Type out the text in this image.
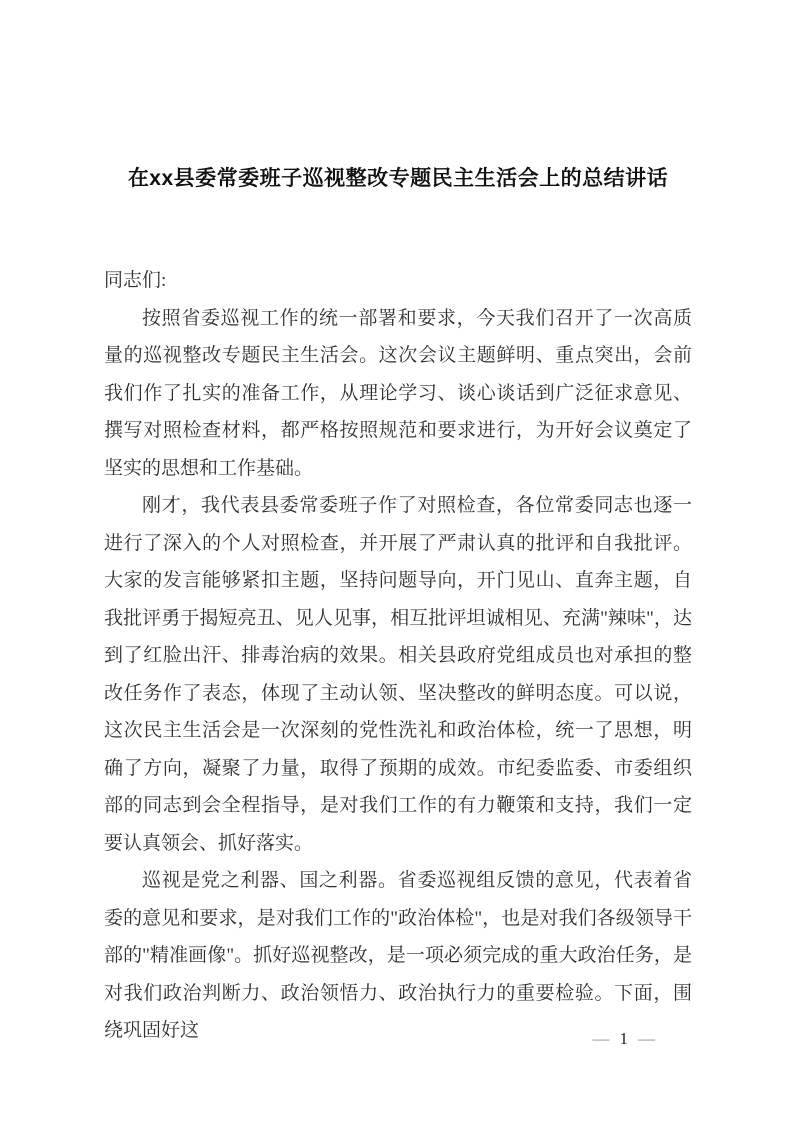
在xx县委常委班子巡视整改专题民主生活会上的总结讲话

同志们:

按照省委巡视工作的统一部署和要求，今天我们召开了一次高质量的巡视整改专题民主生活会。这次会议主题鲜明、重点突出，会前我们作了扎实的准备工作，从理论学习、谈心谈话到广泛征求意见、撰写对照检查材料，都严格按照规范和要求进行，为开好会议奠定了坚实的思想和工作基础。

刚才，我代表县委常委班子作了对照检查，各位常委同志也逐一进行了深入的个人对照检查，并开展了严肃认真的批评和自我批评。大家的发言能够紧扣主题，坚持问题导向，开门见山、直奔主题，自我批评勇于揭短亮丑、见人见事，相互批评坦诚相见、充满"辣味"，达到了红脸出汗、排毒治病的效果。相关县政府党组成员也对承担的整改任务作了表态，体现了主动认领、坚决整改的鲜明态度。可以说，这次民主生活会是一次深刻的党性洗礼和政治体检，统一了思想，明确了方向，凝聚了力量，取得了预期的成效。市纪委监委、市委组织部的同志到会全程指导，是对我们工作的有力鞭策和支持，我们一定要认真领会、抓好落实。

巡视是党之利器、国之利器。省委巡视组反馈的意见，代表着省委的意见和要求，是对我们工作的"政治体检"，也是对我们各级领导干部的"精准画像"。抓好巡视整改，是一项必须完成的重大政治任务，是对我们政治判断力、政治领悟力、政治执行力的重要检验。下面，围绕巩固好这	— 1 —
